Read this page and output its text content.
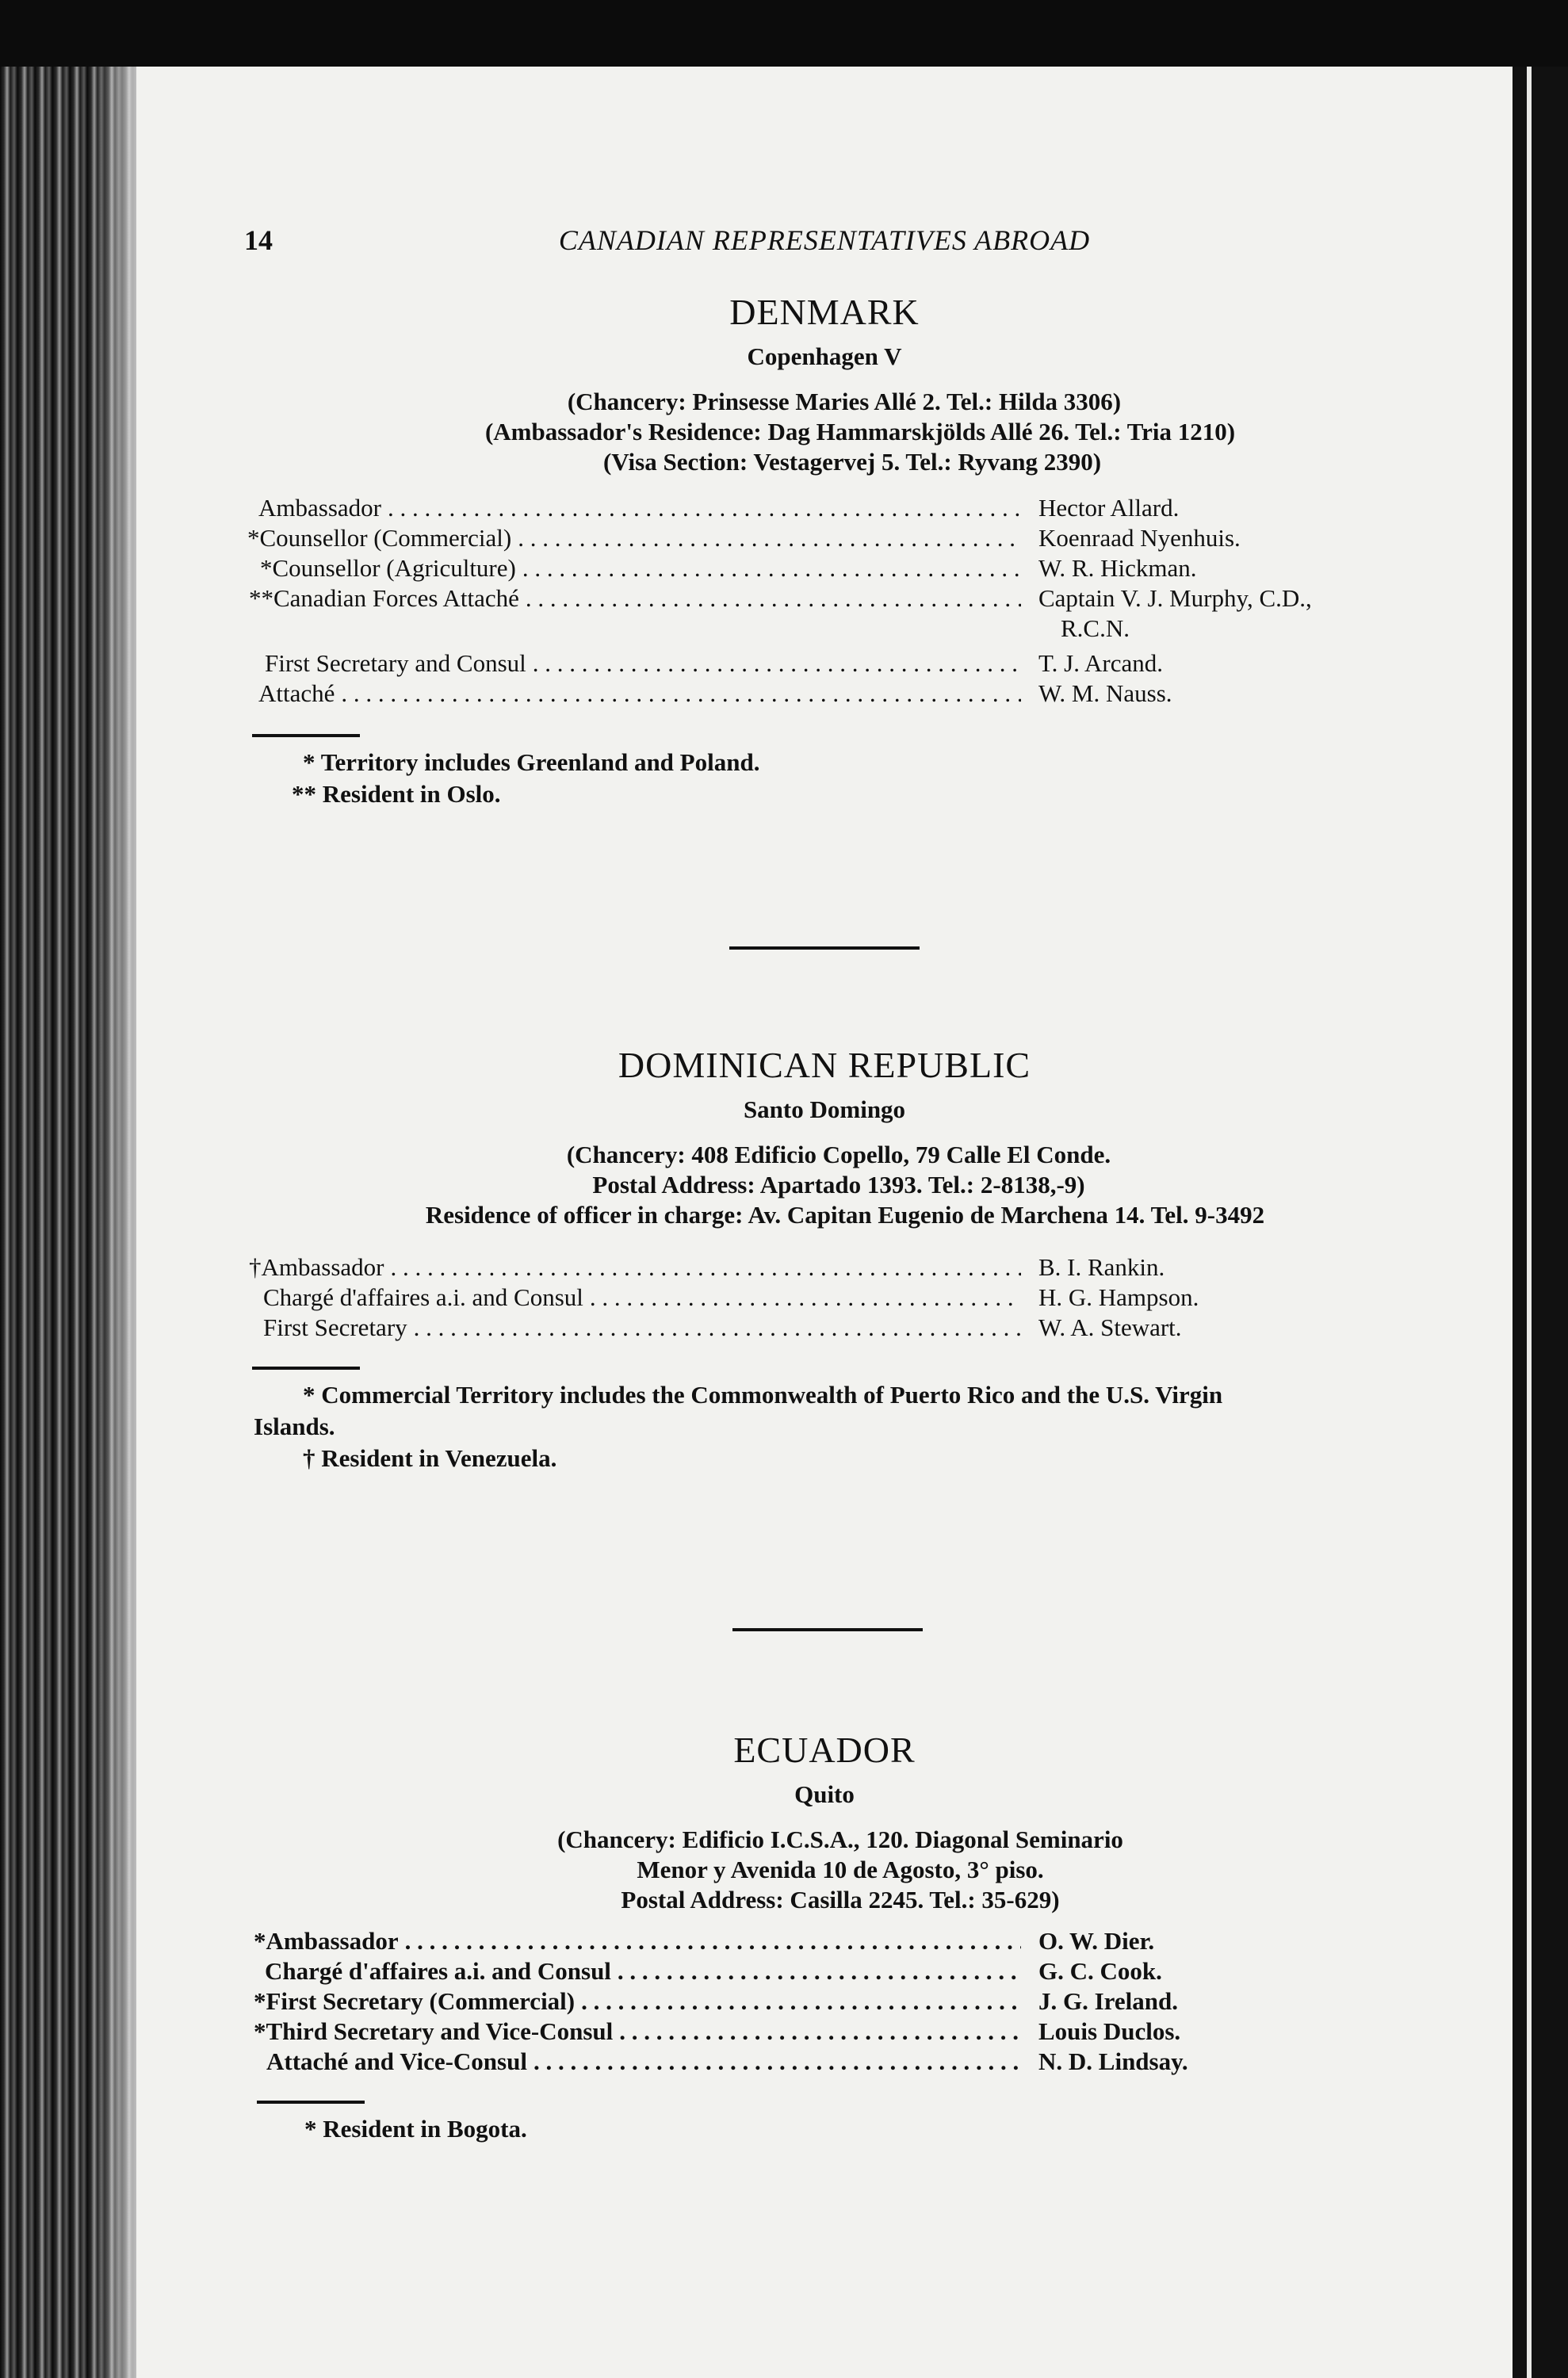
14	CANADIAN REPRESENTATIVES ABROAD
DENMARK
Copenhagen V
(Chancery: Prinsesse Maries Allé 2. Tel.: Hilda 3306)
(Ambassador's Residence: Dag Hammarskjölds Allé 26. Tel.: Tria 1210)
(Visa Section: Vestagervej 5. Tel.: Ryvang 2390)
Ambassador . . .	Hector Allard.
*Counsellor (Commercial) . . .	Koenraad Nyenhuis.
*Counsellor (Agriculture) . . .	W. R. Hickman.
**Canadian Forces Attaché . . .	Captain V. J. Murphy, C.D.,
R.C.N.
First Secretary and Consul . . .	T. J. Arcand.
Attaché . . .	W. M. Nauss.
* Territory includes Greenland and Poland.
** Resident in Oslo.
DOMINICAN REPUBLIC
Santo Domingo
(Chancery: 408 Edificio Copello, 79 Calle El Conde.
Postal Address: Apartado 1393. Tel.: 2-8138,-9)
Residence of officer in charge: Av. Capitan Eugenio de Marchena 14. Tel. 9-3492
†Ambassador . . .	B. I. Rankin.
Chargé d'affaires a.i. and Consul . . .	H. G. Hampson.
First Secretary . . .	W. A. Stewart.
* Commercial Territory includes the Commonwealth of Puerto Rico and the U.S. Virgin
Islands.
† Resident in Venezuela.
ECUADOR
Quito
(Chancery: Edificio I.C.S.A., 120. Diagonal Seminario
Menor y Avenida 10 de Agosto, 3° piso.
Postal Address: Casilla 2245. Tel.: 35-629)
*Ambassador . . .	O. W. Dier.
Chargé d'affaires a.i. and Consul . . .	G. C. Cook.
*First Secretary (Commercial) . . .	J. G. Ireland.
*Third Secretary and Vice-Consul . . .	Louis Duclos.
Attaché and Vice-Consul . . .	N. D. Lindsay.
* Resident in Bogota.
